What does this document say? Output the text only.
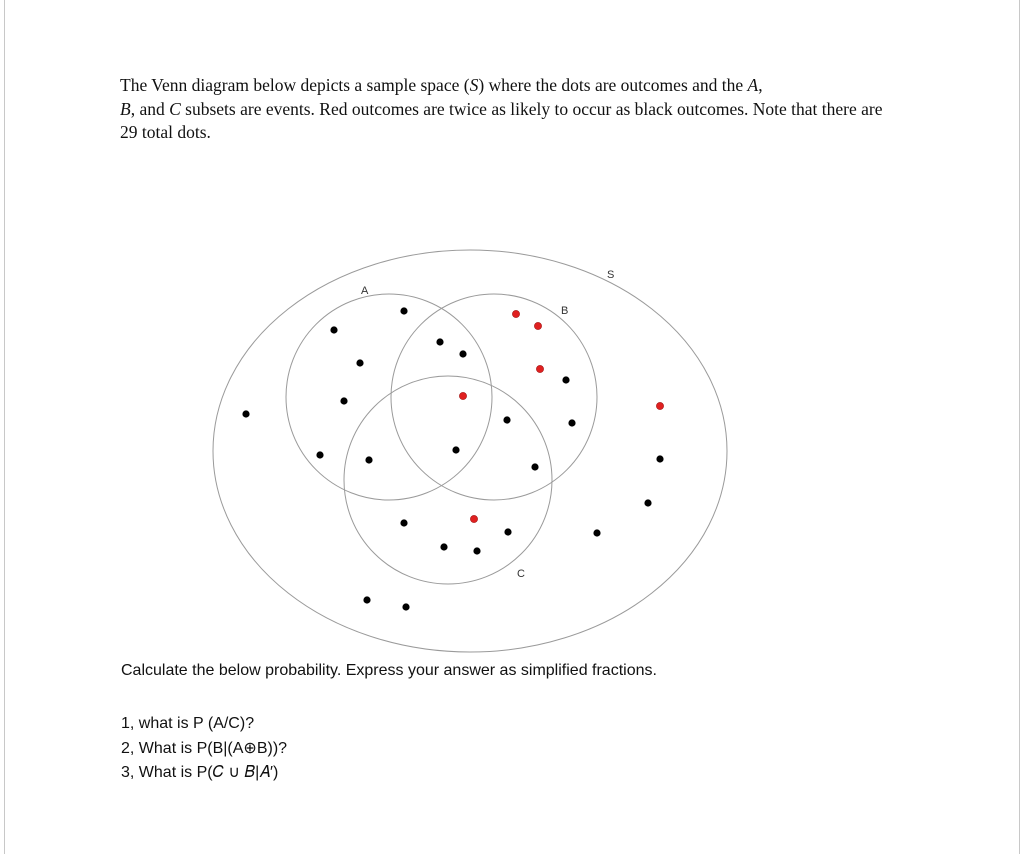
The Venn diagram below depicts a sample space (S) where the dots are outcomes and the A,
B, and C subsets are events. Red outcomes are twice as likely to occur as black outcomes. Note that there are 29 total dots.
S
A
B
C
Calculate the below probability. Express your answer as simplified fractions.
1, what is P (A/C)?
2, What is P(B|(A⊕B))?
3, What is P(𝐶 ∪ 𝐵|𝐴′)
